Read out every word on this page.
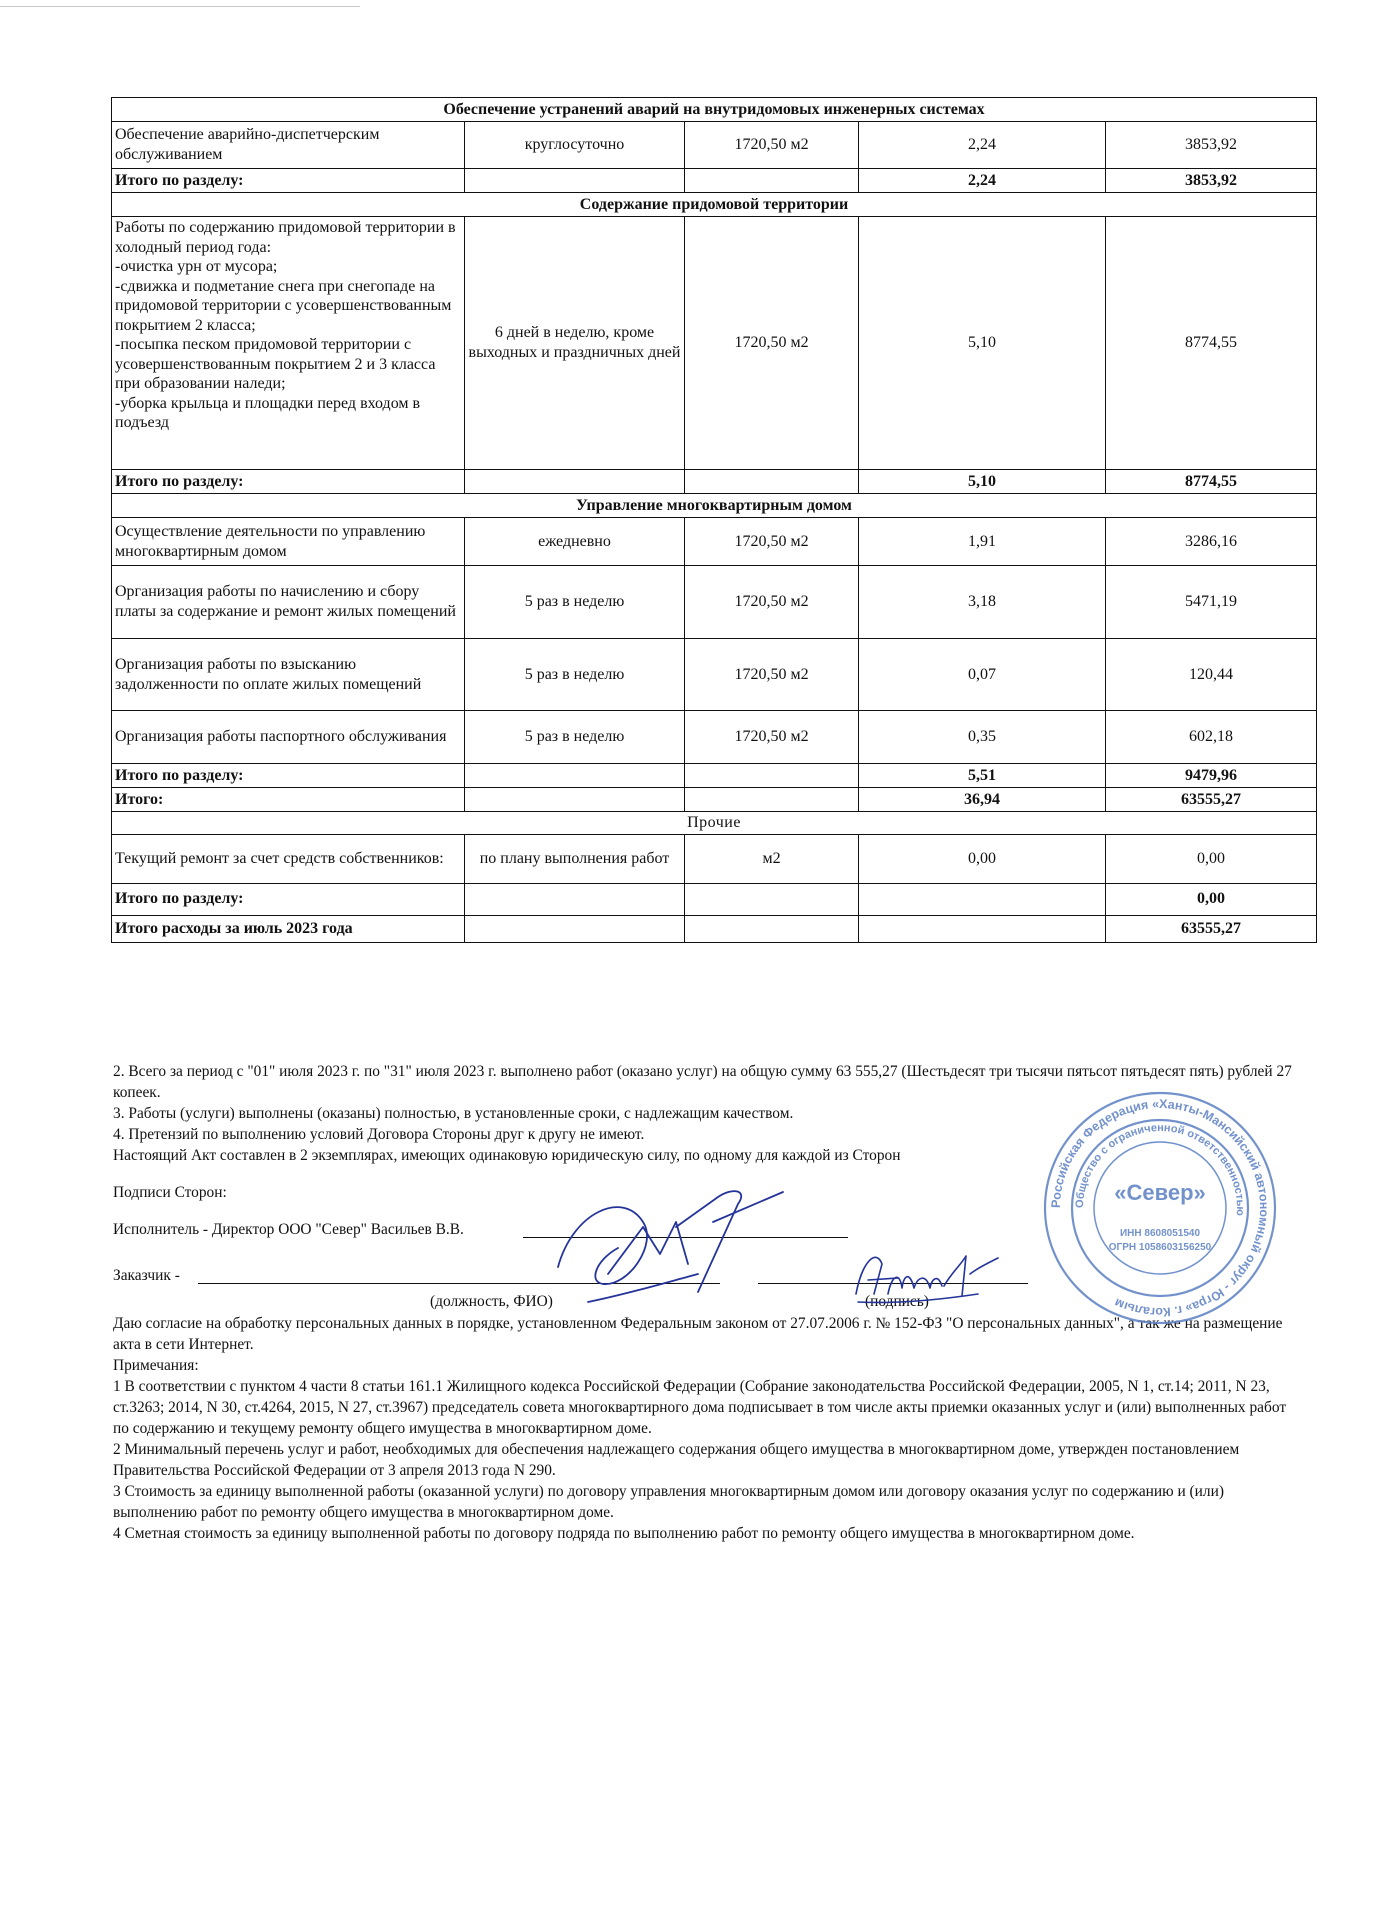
Обеспечение устранений аварий на внутридомовых инженерных системах				
Обеспечение аварийно-диспетчерским обслуживанием	круглосуточно	1720,50 м2	2,24	3853,92
Итого по разделу:			2,24	3853,92
Содержание придомовой территории				
Работы по содержанию придомовой территории в холодный период года:
-очистка урн от мусора;
-сдвижка и подметание снега при снегопаде на придомовой территории с усовершенствованным покрытием 2 класса;
-посыпка песком придомовой территории с усовершенствованным покрытием 2 и 3 класса при образовании наледи;
-уборка крыльца и площадки перед входом в подъезд	6 дней в неделю, кроме выходных и праздничных дней	1720,50 м2	5,10	8774,55
Итого по разделу:			5,10	8774,55
Управление многоквартирным домом				
Осуществление деятельности по управлению многоквартирным домом	ежедневно	1720,50 м2	1,91	3286,16
Организация работы по начислению и сбору платы за содержание и ремонт жилых помещений	5 раз в неделю	1720,50 м2	3,18	5471,19
Организация работы по взысканию задолженности по оплате жилых помещений	5 раз в неделю	1720,50 м2	0,07	120,44
Организация работы паспортного обслуживания	5 раз в неделю	1720,50 м2	0,35	602,18
Итого по разделу:			5,51	9479,96
Итого:			36,94	63555,27
Прочие				
Текущий ремонт за счет средств собственников:	по плану выполнения работ	м2	0,00	0,00
Итого по разделу:				0,00
Итого расходы за июль 2023 года				63555,27

2. Всего за период с "01" июля 2023 г. по "31" июля 2023 г. выполнено работ (оказано услуг) на общую сумму 63 555,27 (Шестьдесят три тысячи пятьсот пятьдесят пять) рублей 27 копеек.

3. Работы (услуги) выполнены (оказаны) полностью, в установленные сроки, с надлежащим качеством.

4. Претензий по выполнению условий Договора Стороны друг к другу не имеют.

Настоящий Акт составлен в 2 экземплярах, имеющих одинаковую юридическую силу, по одному для каждой из Сторон

Подписи Сторон:

Исполнитель - Директор ООО "Север" Васильев В.В.
Заказчик -
(должность, ФИО)	(подпись)

Даю согласие на обработку персональных данных в порядке, установленном Федеральным законом от 27.07.2006 г. № 152-ФЗ "О персональных данных", а так же на размещение акта в сети Интернет.

Примечания:

1 В соответствии с пунктом 4 части 8 статьи 161.1 Жилищного кодекса Российской Федерации (Собрание законодательства Российской Федерации, 2005, N 1, ст.14; 2011, N 23, ст.3263; 2014, N 30, ст.4264, 2015, N 27, ст.3967) председатель совета многоквартирного дома подписывает в том числе акты приемки оказанных услуг и (или) выполненных работ по содержанию и текущему ремонту общего имущества в многоквартирном доме.

2 Минимальный перечень услуг и работ, необходимых для обеспечения надлежащего содержания общего имущества в многоквартирном доме, утвержден постановлением Правительства Российской Федерации от 3 апреля 2013 года N 290.

3 Стоимость за единицу выполненной работы (оказанной услуги) по договору управления многоквартирным домом или договору оказания услуг по содержанию и (или) выполнению работ по ремонту общего имущества в многоквартирном доме.

4 Сметная стоимость за единицу выполненной работы по договору подряда по выполнению работ по ремонту общего имущества в многоквартирном доме.

Российская Федерация «Ханты-Мансийский автономный округ - Югра» г. Когалым
Общество с ограниченной ответственностью
«Север»
ИНН 8608051540
ОГРН 1058603156250
